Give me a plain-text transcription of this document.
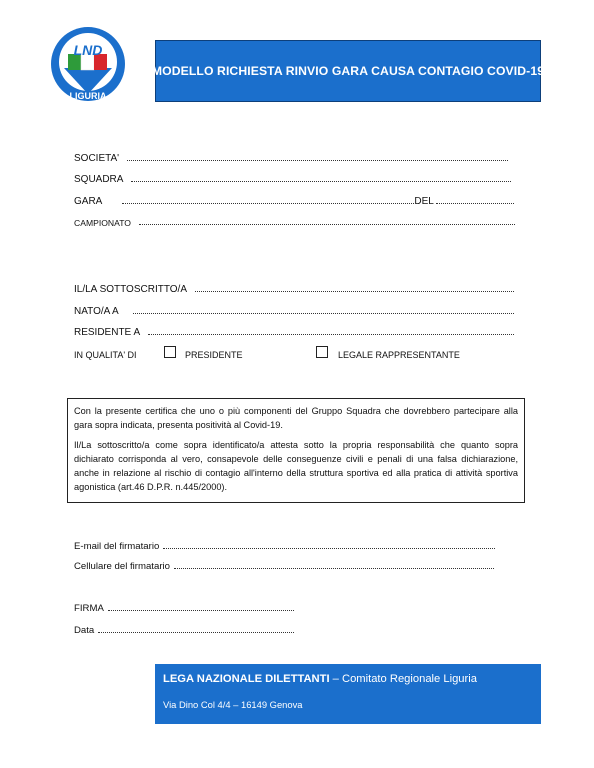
LND
LIGURIA
MODELLO RICHIESTA RINVIO GARA CAUSA CONTAGIO COVID-19
SOCIETA'
SQUADRA
GARA	DEL
CAMPIONATO
IL/LA SOTTOSCRITTO/A
NATO/A A
RESIDENTE A
IN QUALITA' DI	PRESIDENTE	LEGALE RAPPRESENTANTE

Con la presente certifica che uno o più componenti del Gruppo Squadra che dovrebbero partecipare alla gara sopra indicata, presenta positività al Covid-19.

Il/La sottoscritto/a come sopra identificato/a attesta sotto la propria responsabilità che quanto sopra dichiarato corrisponda al vero, consapevole delle conseguenze civili e penali di una falsa dichiarazione, anche in relazione al rischio di contagio all'interno della struttura sportiva ed alla pratica di attività sportiva agonistica (art.46 D.P.R. n.445/2000).

E-mail del firmatario
Cellulare del firmatario
FIRMA
Data
LEGA NAZIONALE DILETTANTI – Comitato Regionale Liguria
Via Dino Col 4/4 – 16149 Genova
